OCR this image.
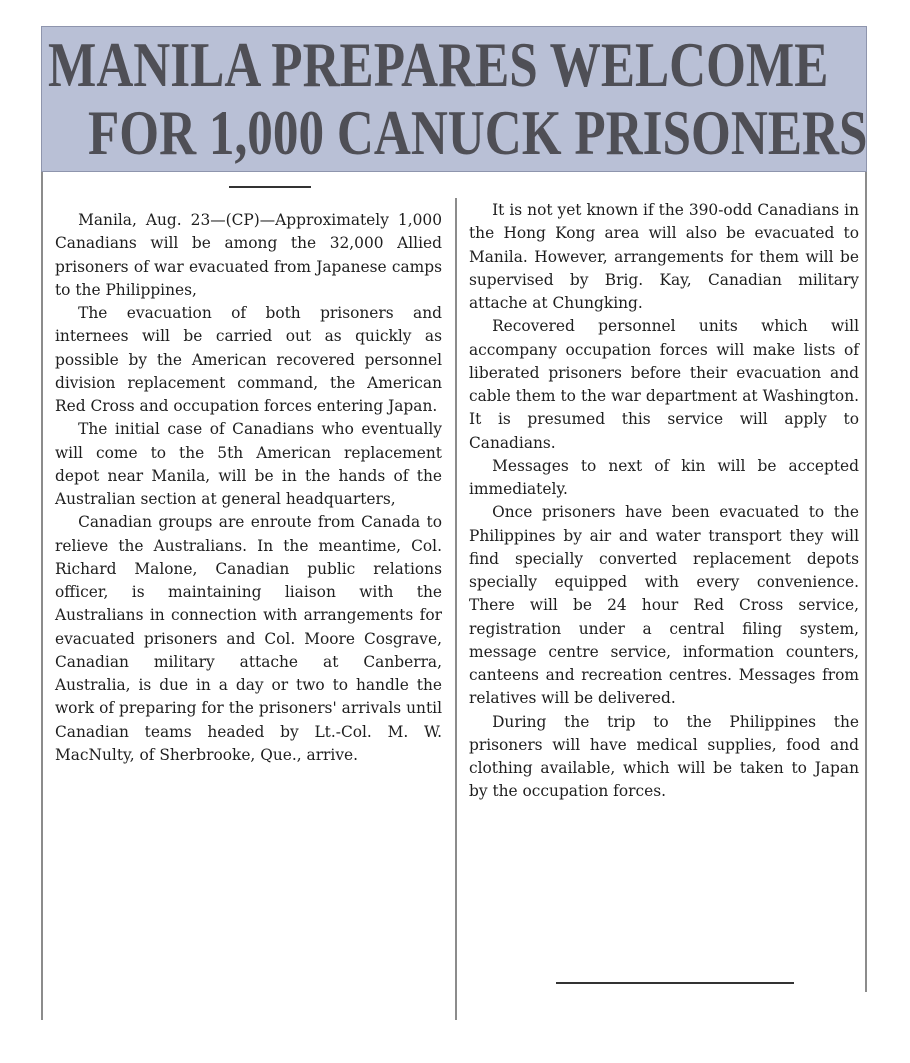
MANILA PREPARES WELCOME
FOR 1,000 CANUCK PRISONERS

Manila, Aug. 23—(CP)—Approximately 1,000 Canadians will be among the 32,000 Allied prisoners of war evacuated from Japanese camps to the Philippines,

The evacuation of both prisoners and internees will be carried out as quickly as possible by the American recovered personnel division replacement command, the American Red Cross and occupation forces entering Japan.

The initial case of Canadians who eventually will come to the 5th American replacement depot near Manila, will be in the hands of the Australian section at general headquarters,

Canadian groups are enroute from Canada to relieve the Australians. In the meantime, Col. Richard Malone, Canadian public relations officer, is maintaining liaison with the Australians in connection with arrangements for evacuated prisoners and Col. Moore Cosgrave, Canadian military attache at Canberra, Australia, is due in a day or two to handle the work of preparing for the prisoners' arrivals until Canadian teams headed by Lt.-Col. M. W. MacNulty, of Sherbrooke, Que., arrive.

It is not yet known if the 390-odd Canadians in the Hong Kong area will also be evacuated to Manila. However, arrangements for them will be supervised by Brig. Kay, Canadian military attache at Chungking.

Recovered personnel units which will accompany occupation forces will make lists of liberated prisoners before their evacuation and cable them to the war department at Washington. It is presumed this service will apply to Canadians.

Messages to next of kin will be accepted immediately.

Once prisoners have been evacuated to the Philippines by air and water transport they will find specially converted replacement depots specially equipped with every convenience. There will be 24 hour Red Cross service, registration under a central filing system, message centre service, information counters, canteens and recreation centres. Messages from relatives will be delivered.

During the trip to the Philippines the prisoners will have medical supplies, food and clothing available, which will be taken to Japan by the occupation forces.
